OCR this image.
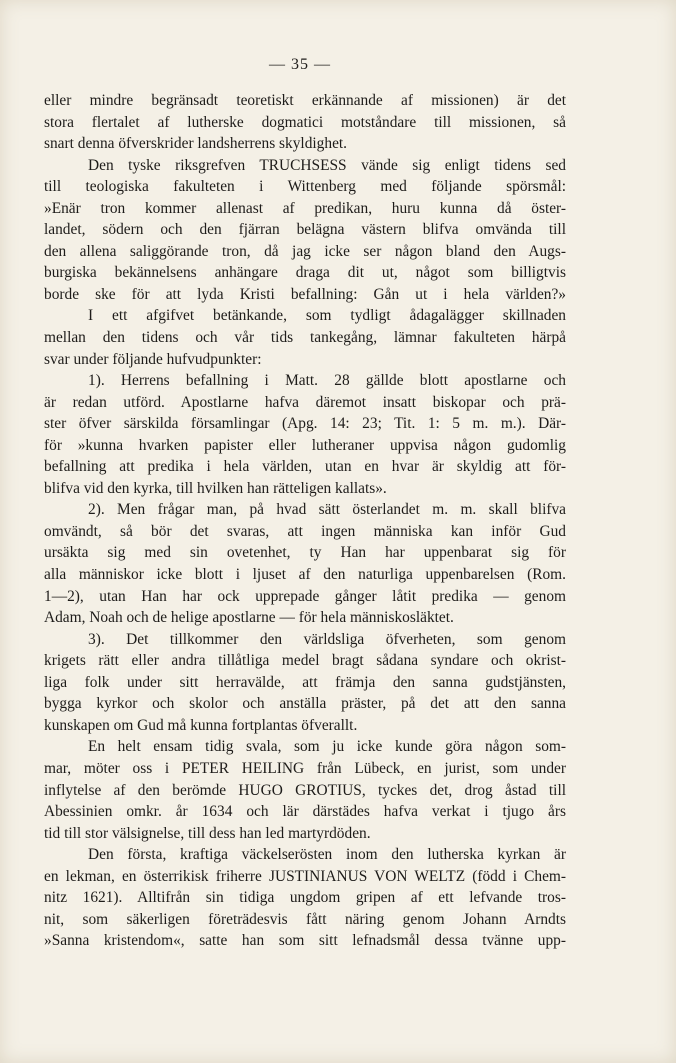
— 35 —
eller mindre begränsadt teoretiskt erkännande af missionen) är det
stora flertalet af lutherske dogmatici motståndare till missionen, så
snart denna öfverskrider landsherrens skyldighet.
Den tyske riksgrefven TRUCHSESS vände sig enligt tidens sed
till teologiska fakulteten i Wittenberg med följande spörsmål:
»Enär tron kommer allenast af predikan, huru kunna då öster-
landet, södern och den fjärran belägna västern blifva omvända till
den allena saliggörande tron, då jag icke ser någon bland den Augs-
burgiska bekännelsens anhängare draga dit ut, något som billigtvis
borde ske för att lyda Kristi befallning: Gån ut i hela världen?»
I ett afgifvet betänkande, som tydligt ådagalägger skillnaden
mellan den tidens och vår tids tankegång, lämnar fakulteten härpå
svar under följande hufvudpunkter:
1). Herrens befallning i Matt. 28 gällde blott apostlarne och
är redan utförd. Apostlarne hafva däremot insatt biskopar och prä-
ster öfver särskilda församlingar (Apg. 14: 23; Tit. 1: 5 m. m.). Där-
för »kunna hvarken papister eller lutheraner uppvisa någon gudomlig
befallning att predika i hela världen, utan en hvar är skyldig att för-
blifva vid den kyrka, till hvilken han rätteligen kallats».
2). Men frågar man, på hvad sätt österlandet m. m. skall blifva
omvändt, så bör det svaras, att ingen människa kan inför Gud
ursäkta sig med sin ovetenhet, ty Han har uppenbarat sig för
alla människor icke blott i ljuset af den naturliga uppenbarelsen (Rom.
1—2), utan Han har ock upprepade gånger låtit predika — genom
Adam, Noah och de helige apostlarne — för hela människosläktet.
3). Det tillkommer den världsliga öfverheten, som genom
krigets rätt eller andra tillåtliga medel bragt sådana syndare och okrist-
liga folk under sitt herravälde, att främja den sanna gudstjänsten,
bygga kyrkor och skolor och anställa präster, på det att den sanna
kunskapen om Gud må kunna fortplantas öfverallt.
En helt ensam tidig svala, som ju icke kunde göra någon som-
mar, möter oss i PETER HEILING från Lübeck, en jurist, som under
inflytelse af den berömde HUGO GROTIUS, tyckes det, drog åstad till
Abessinien omkr. år 1634 och lär därstädes hafva verkat i tjugo års
tid till stor välsignelse, till dess han led martyrdöden.
Den första, kraftiga väckelserösten inom den lutherska kyrkan är
en lekman, en österrikisk friherre JUSTINIANUS VON WELTZ (född i Chem-
nitz 1621). Alltifrån sin tidiga ungdom gripen af ett lefvande tros-
nit, som säkerligen företrädesvis fått näring genom Johann Arndts
»Sanna kristendom«, satte han som sitt lefnadsmål dessa tvänne upp-
